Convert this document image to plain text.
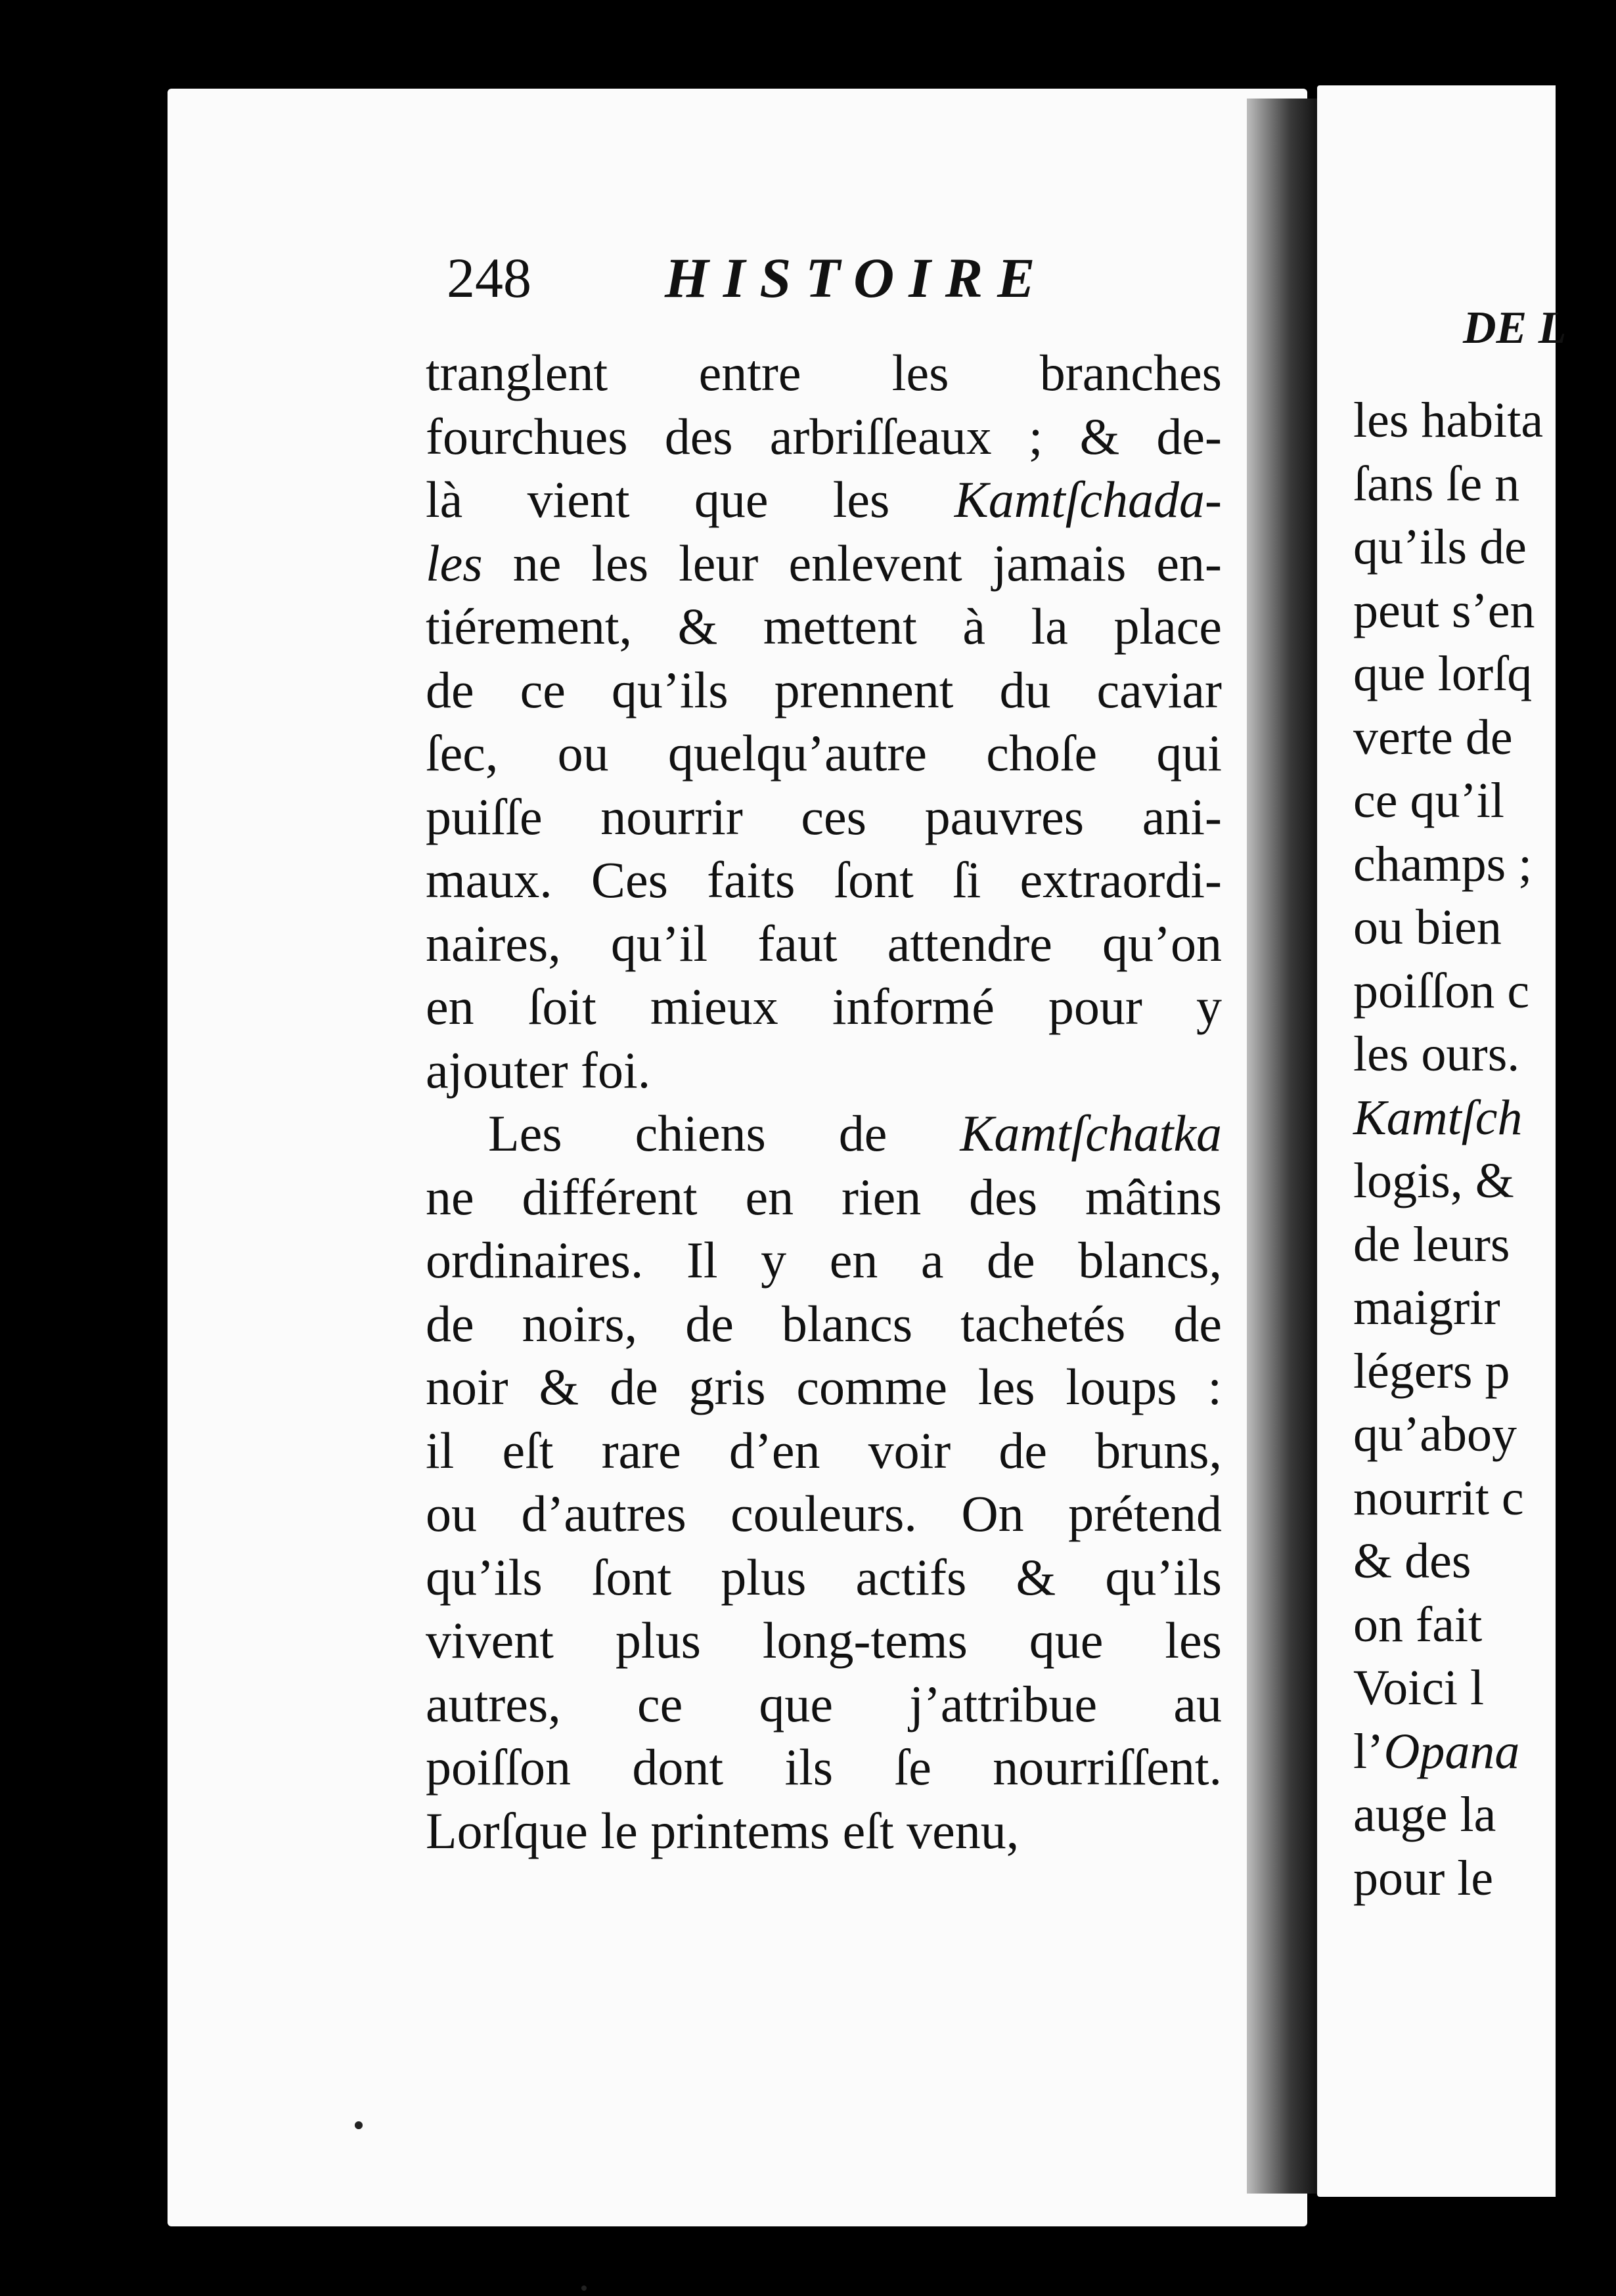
DE L
les habita
ſans ſe n
qu’ils de
peut s’en
que lorſq
verte de
ce qu’il
champs ;
ou bien
poiſſon c
les ours.
Kamtſch
logis, &
de leurs
maigrir
légers p
qu’aboy
nourrit c
& des
on fait
Voici l
l’Opana
auge la
pour le
248 HISTOIRE
tranglent entre les branches
fourchues des arbriſſeaux ; & de-
là vient que les Kamtſchada-
les ne les leur enlevent jamais en-
tiérement, & mettent à la place
de ce qu’ils prennent du caviar
ſec, ou quelqu’autre choſe qui
puiſſe nourrir ces pauvres ani-
maux. Ces faits ſont ſi extraordi-
naires, qu’il faut attendre qu’on
en ſoit mieux informé pour y
ajouter foi.
Les chiens de Kamtſchatka
ne différent en rien des mâtins
ordinaires. Il y en a de blancs,
de noirs, de blancs tachetés de
noir & de gris comme les loups :
il eſt rare d’en voir de bruns,
ou d’autres couleurs. On prétend
qu’ils ſont plus actifs & qu’ils
vivent plus long-tems que les
autres, ce que j’attribue au
poiſſon dont ils ſe nourriſſent.
Lorſque le printems eſt venu,
